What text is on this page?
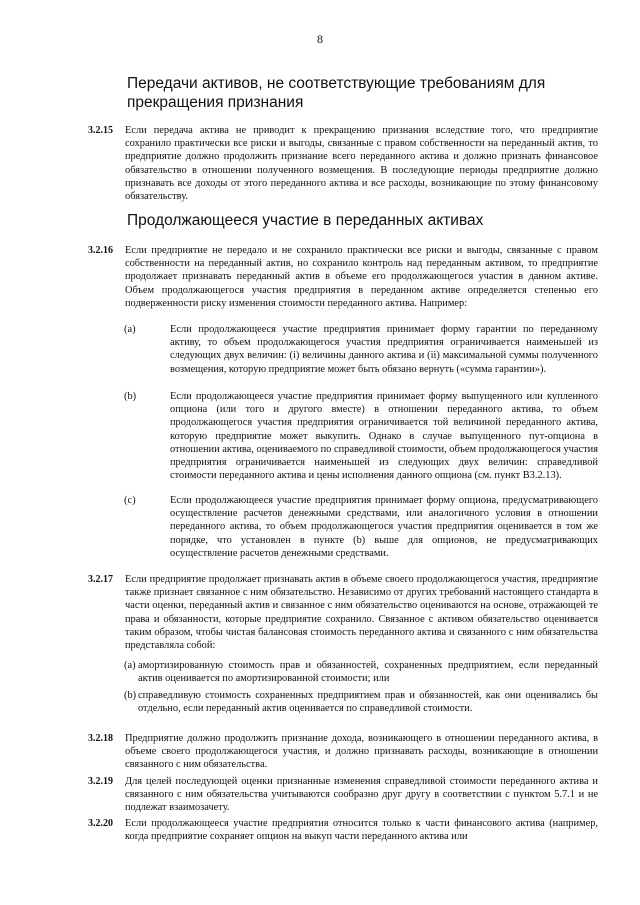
8
Передачи активов, не соответствующие требованиям для прекращения признания
3.2.15 Если передача актива не приводит к прекращению признания вследствие того, что предприятие сохранило практически все риски и выгоды, связанные с правом собственности на переданный актив, то предприятие должно продолжить признание всего переданного актива и должно признать финансовое обязательство в отношении полученного возмещения. В последующие периоды предприятие должно признавать все доходы от этого переданного актива и все расходы, возникающие по этому финансовому обязательству.

Продолжающееся участие в переданных активах
3.2.16 Если предприятие не передало и не сохранило практически все риски и выгоды, связанные с правом собственности на переданный актив, но сохранило контроль над переданным активом, то предприятие продолжает признавать переданный актив в объеме его продолжающегося участия в данном активе. Объем продолжающегося участия предприятия в переданном активе определяется степенью его подверженности риску изменения стоимости переданного актива. Например:

(a)	Если продолжающееся участие предприятия принимает форму гарантии по переданному активу, то объем продолжающегося участия предприятия ограничивается наименьшей из следующих двух величин: (i) величины данного актива и (ii) максимальной суммы полученного возмещения, которую предприятие может быть обязано вернуть («сумма гарантии»).

(b)	Если продолжающееся участие предприятия принимает форму выпущенного или купленного опциона (или того и другого вместе) в отношении переданного актива, то объем продолжающегося участия предприятия ограничивается той величиной переданного актива, которую предприятие может выкупить. Однако в случае выпущенного пут-опциона в отношении актива, оцениваемого по справедливой стоимости, объем продолжающегося участия предприятия ограничивается наименьшей из следующих двух величин: справедливой стоимости переданного актива и цены исполнения данного опциона (см. пункт В3.2.13).

(c)	Если продолжающееся участие предприятия принимает форму опциона, предусматривающего осуществление расчетов денежными средствами, или аналогичного условия в отношении переданного актива, то объем продолжающегося участия предприятия оценивается в том же порядке, что установлен в пункте (b) выше для опционов, не предусматривающих осуществление расчетов денежными средствами.

3.2.17 Если предприятие продолжает признавать актив в объеме своего продолжающегося участия, предприятие также признает связанное с ним обязательство. Независимо от других требований настоящего стандарта в части оценки, переданный актив и связанное с ним обязательство оцениваются на основе, отражающей те права и обязанности, которые предприятие сохранило. Связанное с активом обязательство оценивается таким образом, чтобы чистая балансовая стоимость переданного актива и связанного с ним обязательства представляла собой:

(a) амортизированную стоимость прав и обязанностей, сохраненных предприятием, если переданный актив оценивается по амортизированной стоимости; или

(b) справедливую стоимость сохраненных предприятием прав и обязанностей, как они оценивались бы отдельно, если переданный актив оценивается по справедливой стоимости.

3.2.18 Предприятие должно продолжить признание дохода, возникающего в отношении переданного актива, в объеме своего продолжающегося участия, и должно признавать расходы, возникающие в отношении связанного с ним обязательства.

3.2.19 Для целей последующей оценки признанные изменения справедливой стоимости переданного актива и связанного с ним обязательства учитываются сообразно друг другу в соответствии с пунктом 5.7.1 и не подлежат взаимозачету.

3.2.20 Если продолжающееся участие предприятия относится только к части финансового актива (например, когда предприятие сохраняет опцион на выкуп части переданного актива или
